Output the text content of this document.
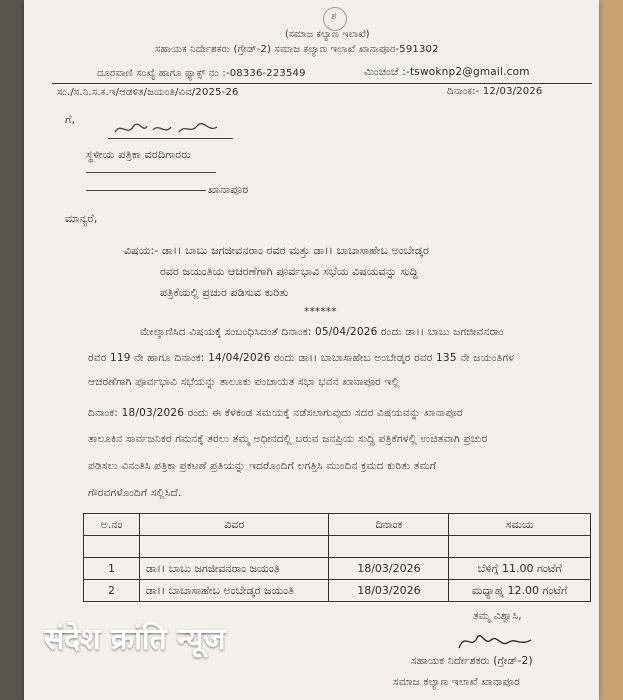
ಶ
(ಸಮಾಜ ಕಲ್ಯಾಣ ಇಲಾಖೆ)
ಸಹಾಯಕ ನಿರ್ದೇಶಕರು (ಗ್ರೇಡ್-2) ಸಮಾಜ ಕಲ್ಯಾಣ ಇಲಾಖೆ ಖಾನಾಪೂರ-591302
ದೂರವಾಣಿ ಸಂಖ್ಯೆ ಹಾಗೂ ಫ್ಯಾಕ್ಸ್ ನಂ :-08336-223549	ಮಿಂಚಂಚೆ :-tswoknp2@gmail.com
ಸಂ./ಸ.ನಿ.ಸ.ಕ.ಇ/ಆಡಳಿತ/ಜಯಂತಿ/ವಿವ/2025-26	ದಿನಾಂಕ:- 12/03/2026
ಗೆ,
ಸ್ಥಳೀಯ ಪತ್ರಿಕಾ ವರದಿಗಾರರು
ಖಾನಾಪೂರ
ಮಾನ್ಯರೆ,
ವಿಷಯ:- ಡಾ।। ಬಾಬು ಜಗಜೀವನರಾಂ ರವರ ಮತ್ತು ಡಾ।। ಬಾಬಾಸಾಹೇಬ ಅಂಬೇಡ್ಕರ
ರವರ ಜಯಂತಿಯ ಆಚರಣೆಗಾಗಿ ಪೂರ್ವಭಾವಿ ಸಭೆಯ ವಿಷಯವನ್ನು ಸುದ್ದಿ
ಪತ್ರಿಕೆಯಲ್ಲಿ ಪ್ರಚುರ ಪಡಿಸುವ ಕುರಿತು
******
ಮೇಲ್ಕಾಣಿಸಿದ ವಿಷಯಕ್ಕೆ ಸಂಬಂಧಿಸಿದಂತೆ ದಿನಾಂಕ: 05/04/2026 ರಂದು ಡಾ।। ಬಾಬು ಜಗಜೀವನರಾಂ
ರವರ 119 ನೇ ಹಾಗೂ ದಿನಾಂಕ: 14/04/2026 ರಂದು ಡಾ।। ಬಾಬಾಸಾಹೇಬ ಅಂಬೇಡ್ಕರ ರವರ 135 ನೇ ಜಯಂತಿಗಳ
ಆಚರಣೆಗಾಗಿ ಪೂರ್ವಭಾವಿ ಸಭೆಯನ್ನು ತಾಲೂಕು ಪಂಚಾಯತ ಸಭಾ ಭವನ ಖಾನಾಪೂರ ಇಲ್ಲಿ
ದಿನಾಂಕ: 18/03/2026 ರಂದು ಈ ಕೆಳಕಂಡ ಸಮಯಕ್ಕೆ ನಡೆಸಲಾಗುವುದು ಸದರ ವಿಷಯವನ್ನು ಖಾನಾಪೂರ
ತಾಲೂಕಿನ ಸಾರ್ವಜನಿಕರ ಗಮನಕ್ಕೆ ತರಲು ತಮ್ಮ ಅಧೀನದಲ್ಲಿ ಬರುವ ಜನಪ್ರಿಯ ಸುದ್ದಿ ಪತ್ರಿಕೆಗಳಲ್ಲಿ ಉಚಿತವಾಗಿ ಪ್ರಚುರ
ಪಡಿಸಲು ವಿನಂತಿಸಿ ಪತ್ರಿಕಾ ಪ್ರಕಟಣೆ ಪ್ರತಿಯನ್ನು ಇದರೊಂದಿಗೆ ಲಗತ್ತಿಸಿ ಮುಂದಿನ ಕ್ರಮದ ಕುರಿತು ತಮಗೆ
ಗೌರವಗಳೊಂದಿಗೆ ಸಲ್ಲಿಸಿದೆ.
ಅ.ನಂ	ವಿವರ	ದಿನಾಂಕ	ಸಮಯ

1	ಡಾ।। ಬಾಬು ಜಗಜೀವನರಾಂ ಜಯಂತಿ	18/03/2026	ಬೆಳಿಗ್ಗೆ 11.00 ಗಂಟೆಗೆ
2	ಡಾ।। ಬಾಬಾಸಾಹೇಬ ಅಂಬೇಡ್ಕರ ಜಯಂತಿ	18/03/2026	ಮಧ್ಯಾಹ್ನ 12.00 ಗಂಟೆಗೆ
ತಮ್ಮ ವಿಶ್ವಾಸಿ,
ಸಹಾಯಕ ನಿರ್ದೇಶಕರು (ಗ್ರೇಡ್-2)
ಸಮಾಜ ಕಲ್ಯಾಣ ಇಲಾಖೆ ಖಾನಾಪೂರ
संदेश क्रांति न्यूज
